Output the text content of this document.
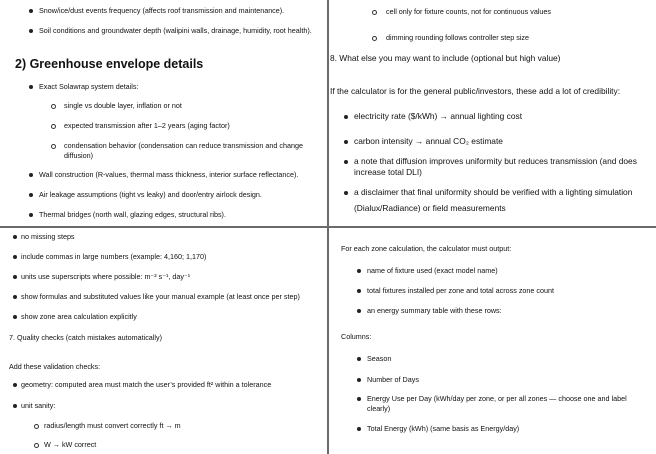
Snow/ice/dust events frequency (affects roof transmission and maintenance).
Soil conditions and groundwater depth (walipini walls, drainage, humidity, root health).
2) Greenhouse envelope details
Exact Solawrap system details:
single vs double layer, inflation or not
expected transmission after 1–2 years (aging factor)
condensation behavior (condensation can reduce transmission and change
diffusion)
Wall construction (R-values, thermal mass thickness, interior surface reflectance).
Air leakage assumptions (tight vs leaky) and door/entry airlock design.
Thermal bridges (north wall, glazing edges, structural ribs).
cell only for fixture counts, not for continuous values
dimming rounding follows controller step size
8. What else you may want to include (optional but high value)
If the calculator is for the general public/investors, these add a lot of credibility:
electricity rate ($/kWh) → annual lighting cost
carbon intensity → annual CO₂ estimate
a note that diffusion improves uniformity but reduces transmission (and does
increase total DLI)
a disclaimer that final uniformity should be verified with a lighting simulation
(Dialux/Radiance) or field measurements
no missing steps
include commas in large numbers (example: 4,160; 1,170)
units use superscripts where possible: m⁻² s⁻¹, day⁻¹
show formulas and substituted values like your manual example (at least once per step)
show zone area calculation explicitly
7. Quality checks (catch mistakes automatically)
Add these validation checks:
geometry: computed area must match the user’s provided ft² within a tolerance
unit sanity:
radius/length must convert correctly ft → m
W → kW correct
For each zone calculation, the calculator must output:
name of fixture used (exact model name)
total fixtures installed per zone and total across zone count
an energy summary table with these rows:
Columns:
Season
Number of Days
Energy Use per Day (kWh/day per zone, or per all zones — choose one and label
clearly)
Total Energy (kWh) (same basis as Energy/day)
